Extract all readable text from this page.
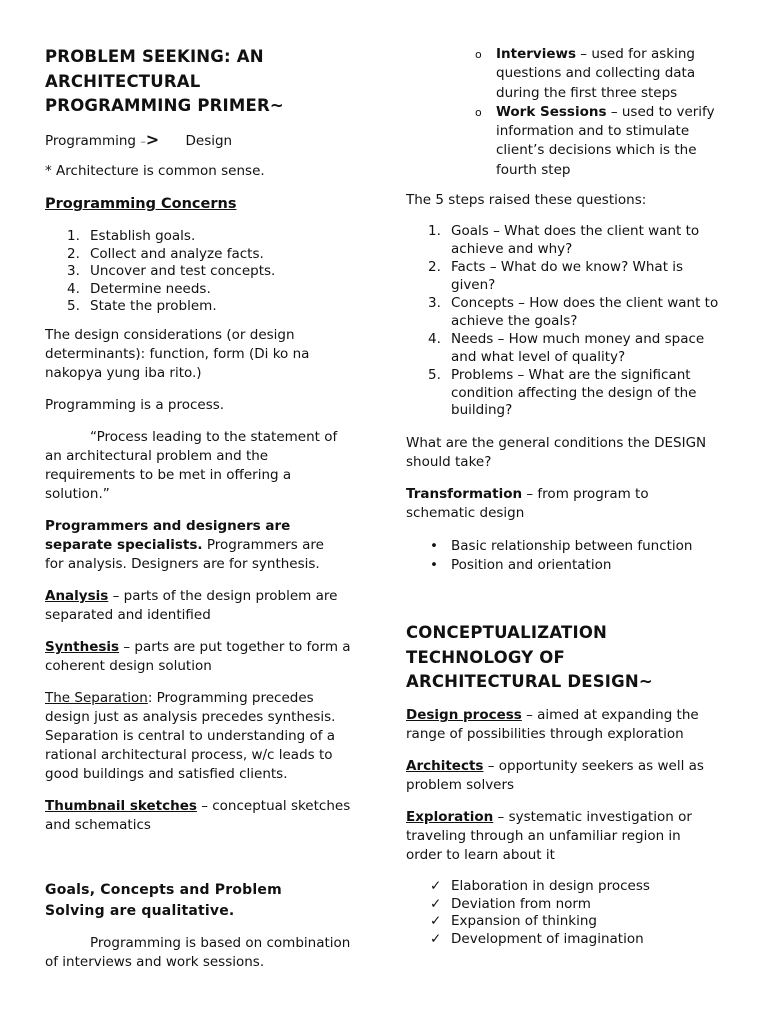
PROBLEM SEEKING: AN ARCHITECTURAL PROGRAMMING PRIMER~

Programming –> Design

* Architecture is common sense.

Programming Concerns

1. Establish goals.
2. Collect and analyze facts.
3. Uncover and test concepts.
4. Determine needs.
5. State the problem.

The design considerations (or design determinants): function, form (Di ko na nakopya yung iba rito.)

Programming is a process.

“Process leading to the statement of an architectural problem and the requirements to be met in offering a solution.”

Programmers and designers are separate specialists. Programmers are for analysis. Designers are for synthesis.

Analysis – parts of the design problem are separated and identified

Synthesis – parts are put together to form a coherent design solution

The Separation: Programming precedes design just as analysis precedes synthesis. Separation is central to understanding of a rational architectural process, w/c leads to good buildings and satisfied clients.

Thumbnail sketches – conceptual sketches and schematics

Goals, Concepts and Problem Solving are qualitative.

Programming is based on combination of interviews and work sessions.

o Interviews – used for asking questions and collecting data during the first three steps
o Work Sessions – used to verify information and to stimulate client’s decisions which is the fourth step

The 5 steps raised these questions:

1. Goals – What does the client want to achieve and why?
2. Facts – What do we know? What is given?
3. Concepts – How does the client want to achieve the goals?
4. Needs – How much money and space and what level of quality?
5. Problems – What are the significant condition affecting the design of the building?

What are the general conditions the DESIGN should take?

Transformation – from program to schematic design

• Basic relationship between function
• Position and orientation
CONCEPTUALIZATION TECHNOLOGY OF ARCHITECTURAL DESIGN~

Design process – aimed at expanding the range of possibilities through exploration

Architects – opportunity seekers as well as problem solvers

Exploration – systematic investigation or traveling through an unfamiliar region in order to learn about it

✓ Elaboration in design process
✓ Deviation from norm
✓ Expansion of thinking
✓ Development of imagination
